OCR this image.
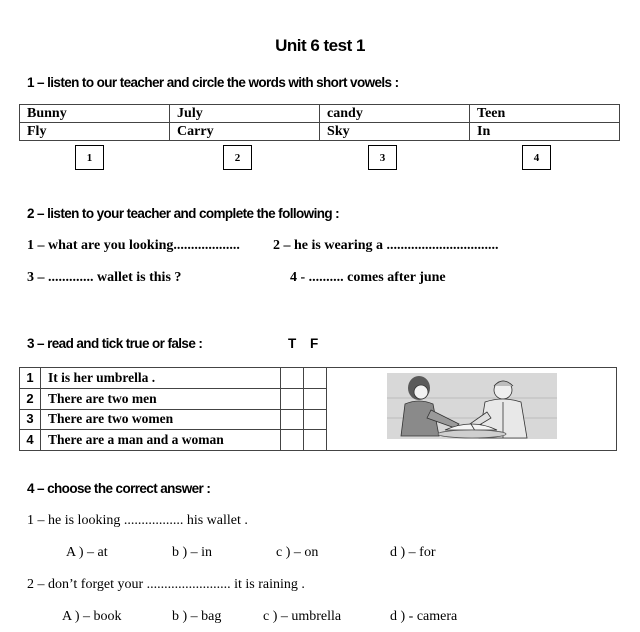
Unit 6 test 1
1 – listen to our teacher and circle the words with short vowels :
Bunny	July	candy	Teen
Fly	Carry	Sky	In
1	2	3	4
2 – listen to your teacher and complete the following :
1 – what are you looking................... 2 – he is wearing a ................................
3 – ............. wallet is this ?	4 - .......... comes after june
3 – read and tick true or false :	T F
1	It is her umbrella .			
2	There are two men			
3	There are two women			
4	There are a man and a woman			
4 – choose the correct answer :
1 – he is looking ................. his wallet .
A ) – at	b ) – in	c ) – on	d ) – for
2 – don’t forget your ........................ it is raining .
A ) – book	b ) – bag	c ) – umbrella	d ) - camera
